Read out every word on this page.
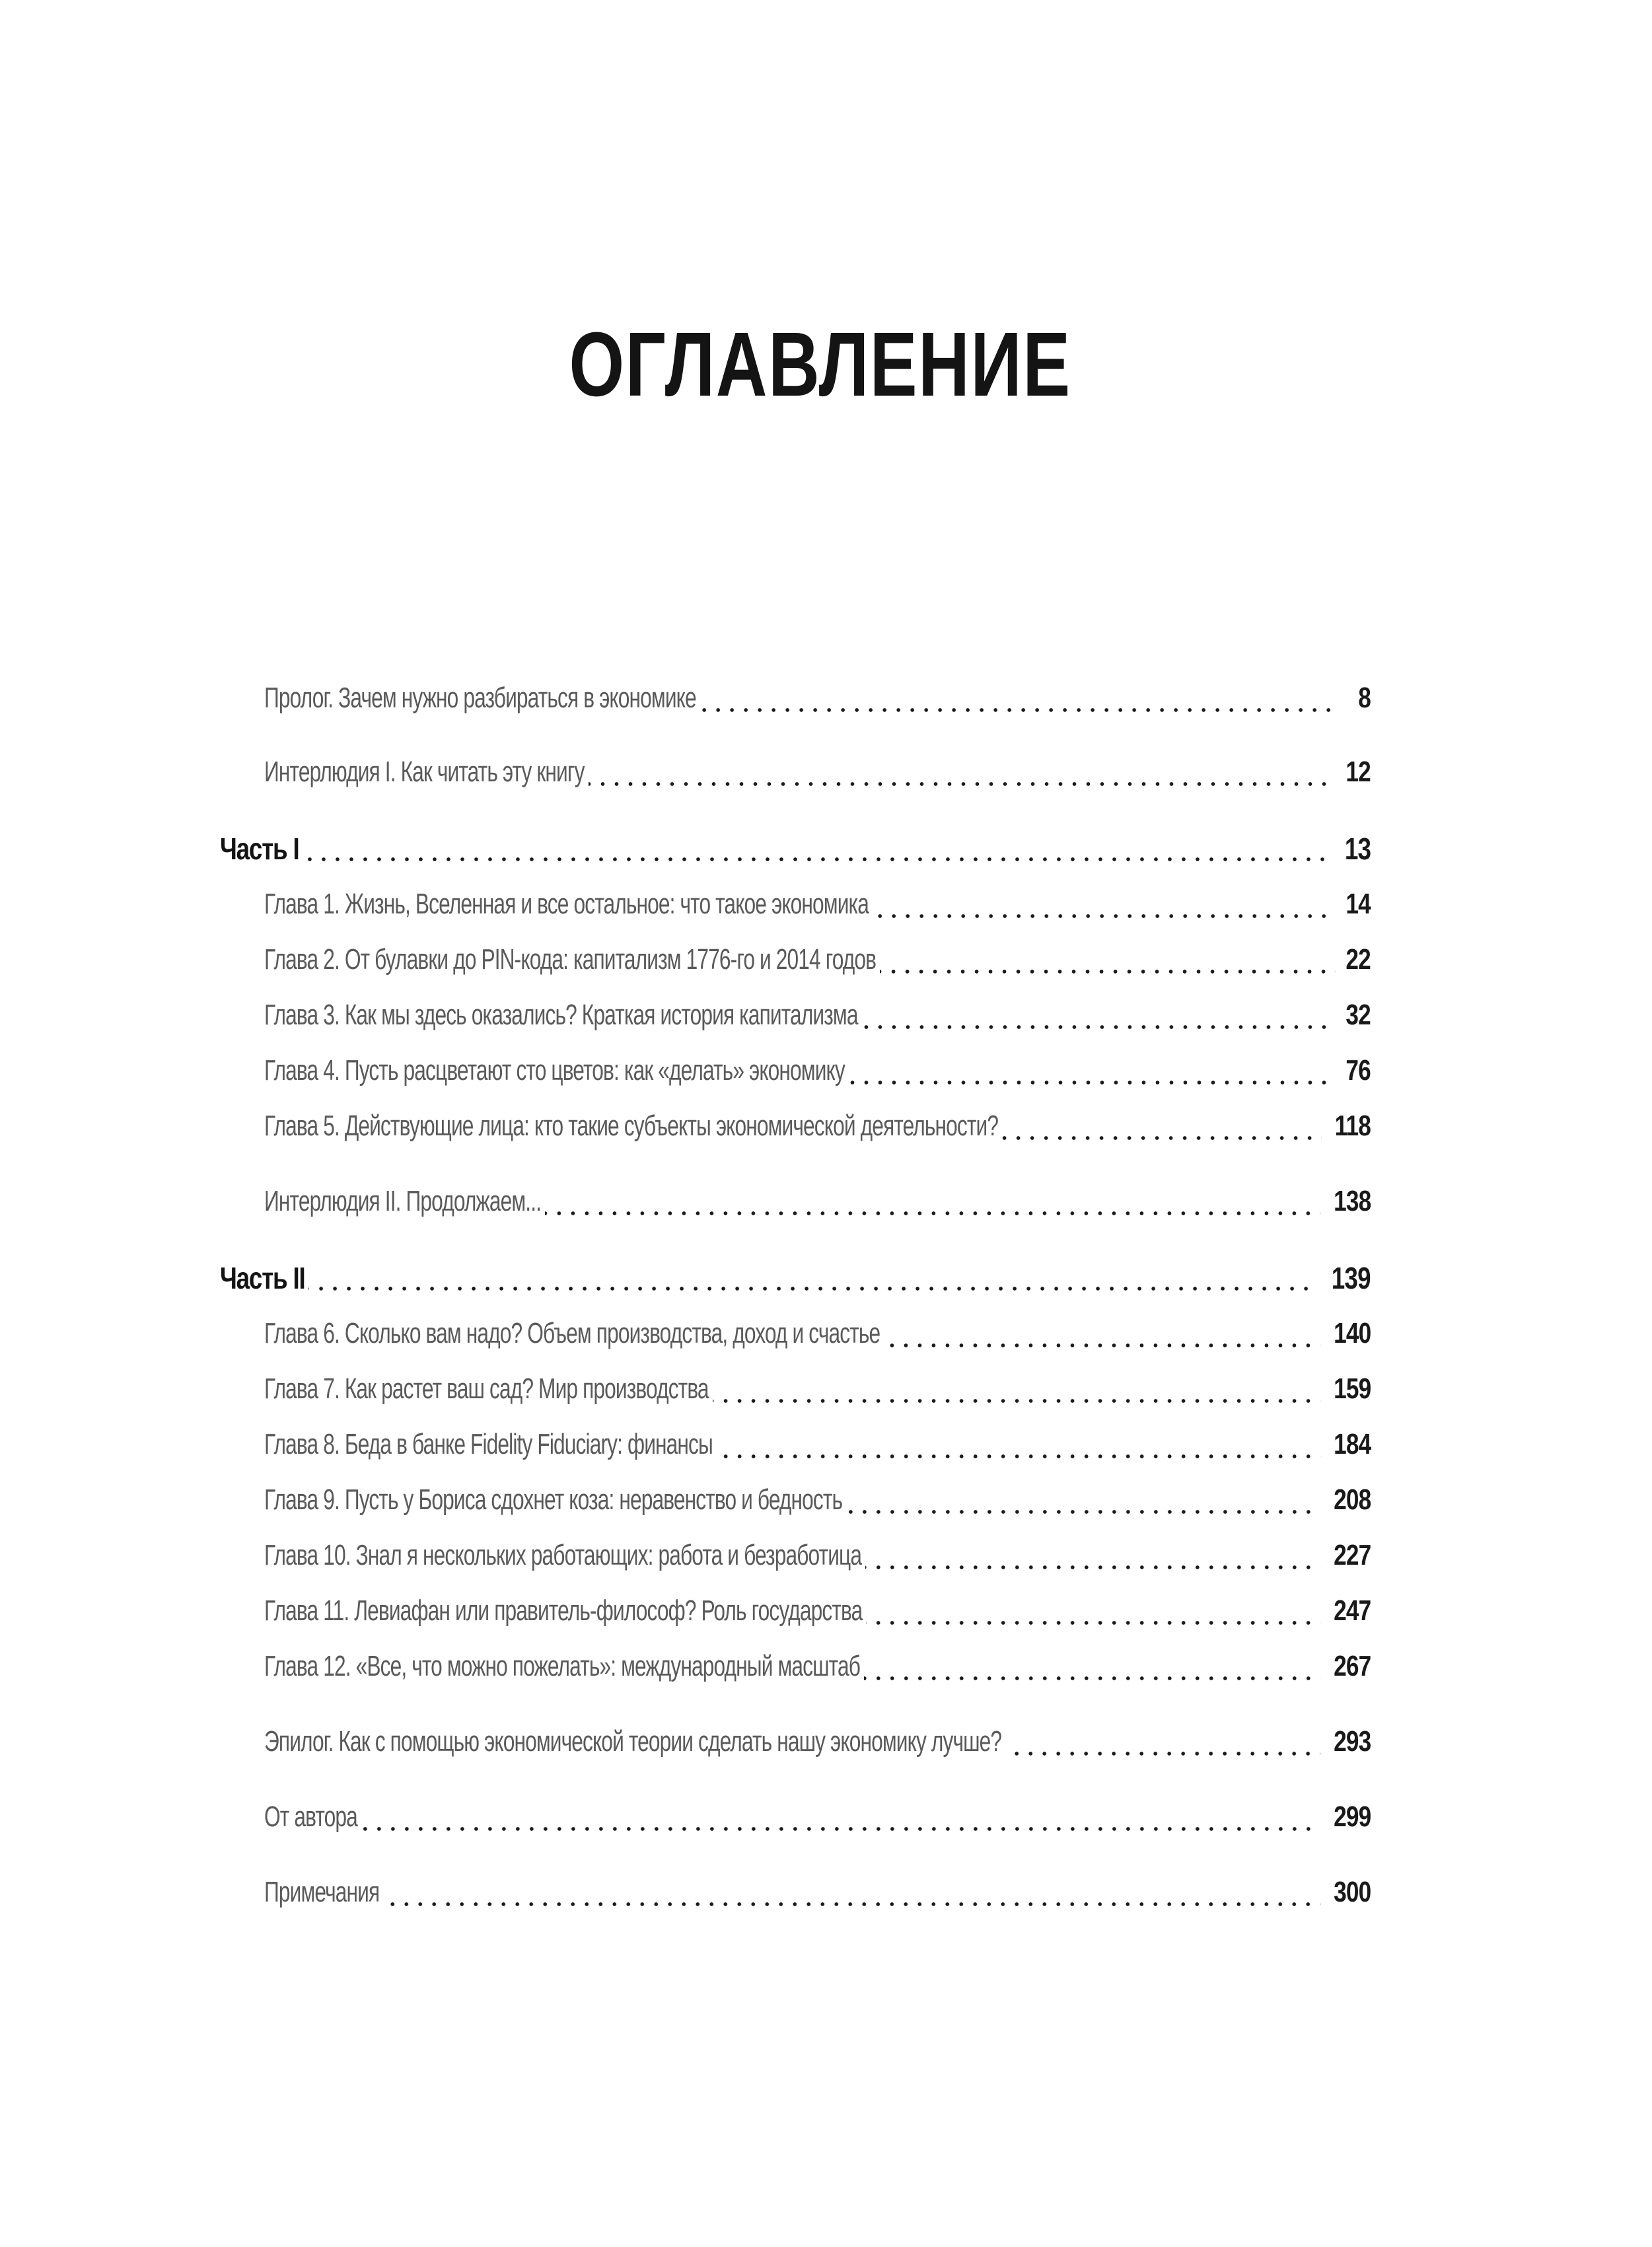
ОГЛАВЛЕНИЕ
Пролог. Зачем нужно разбираться в экономике	8
Интерлюдия I. Как читать эту книгу	12
Часть I	13
Глава 1. Жизнь, Вселенная и все остальное: что такое экономика	14
Глава 2. От булавки до PIN-кода: капитализм 1776-го и 2014 годов	22
Глава 3. Как мы здесь оказались? Краткая история капитализма	32
Глава 4. Пусть расцветают сто цветов: как «делать» экономику	76
Глава 5. Действующие лица: кто такие субъекты экономической деятельности?	118
Интерлюдия II. Продолжаем...	138
Часть II	139
Глава 6. Сколько вам надо? Объем производства, доход и счастье	140
Глава 7. Как растет ваш сад? Мир производства	159
Глава 8. Беда в банке Fidelity Fiduciary: финансы	184
Глава 9. Пусть у Бориса сдохнет коза: неравенство и бедность	208
Глава 10. Знал я нескольких работающих: работа и безработица	227
Глава 11. Левиафан или правитель-философ? Роль государства	247
Глава 12. «Все, что можно пожелать»: международный масштаб	267
Эпилог. Как с помощью экономической теории сделать нашу экономику лучше?	293
От автора	299
Примечания	300
